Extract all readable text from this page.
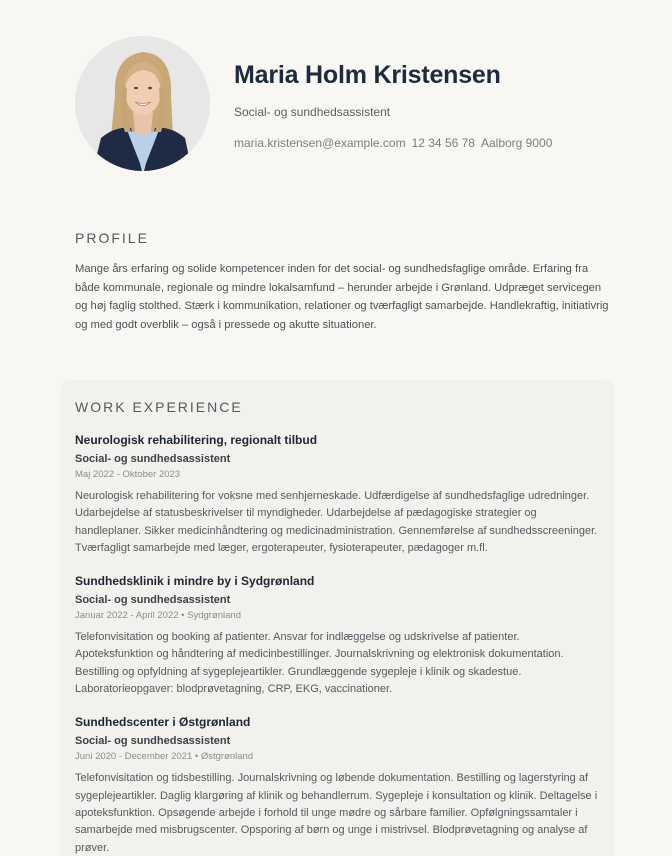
Maria Holm Kristensen
Social- og sundhedsassistent
maria.kristensen@example.com 12 34 56 78 Aalborg 9000
PROFILE

Mange års erfaring og solide kompetencer inden for det social- og sundhedsfaglige område. Erfaring fra både kommunale, regionale og mindre lokalsamfund – herunder arbejde i Grønland. Udpræget servicegen og høj faglig stolthed. Stærk i kommunikation, relationer og tværfagligt samarbejde. Handlekraftig, initiativrig og med godt overblik – også i pressede og akutte situationer.

WORK EXPERIENCE
Neurologisk rehabilitering, regionalt tilbud
Social- og sundhedsassistent
Maj 2022 - Oktober 2023
Neurologisk rehabilitering for voksne med senhjerneskade. Udfærdigelse af sundhedsfaglige udredninger. Udarbejdelse af statusbeskrivelser til myndigheder. Udarbejdelse af pædagogiske strategier og handleplaner. Sikker medicinhåndtering og medicinadministration. Gennemførelse af sundhedsscreeninger. Tværfagligt samarbejde med læger, ergoterapeuter, fysioterapeuter, pædagoger m.fl.
Sundhedsklinik i mindre by i Sydgrønland
Social- og sundhedsassistent
Januar 2022 - April 2022 • Sydgrønland
Telefonvisitation og booking af patienter. Ansvar for indlæggelse og udskrivelse af patienter. Apoteksfunktion og håndtering af medicinbestillinger. Journalskrivning og elektronisk dokumentation. Bestilling og opfyldning af sygeplejeartikler. Grundlæggende sygepleje i klinik og skadestue. Laboratorieopgaver: blodprøvetagning, CRP, EKG, vaccinationer.
Sundhedscenter i Østgrønland
Social- og sundhedsassistent
Juni 2020 - December 2021 • Østgrønland
Telefonvisitation og tidsbestilling. Journalskrivning og løbende dokumentation. Bestilling og lagerstyring af sygeplejeartikler. Daglig klargøring af klinik og behandlerrum. Sygepleje i konsultation og klinik. Deltagelse i apoteksfunktion. Opsøgende arbejde i forhold til unge mødre og sårbare familier. Opfølgningssamtaler i samarbejde med misbrugscenter. Opsporing af børn og unge i mistrivsel. Blodprøvetagning og analyse af prøver.
